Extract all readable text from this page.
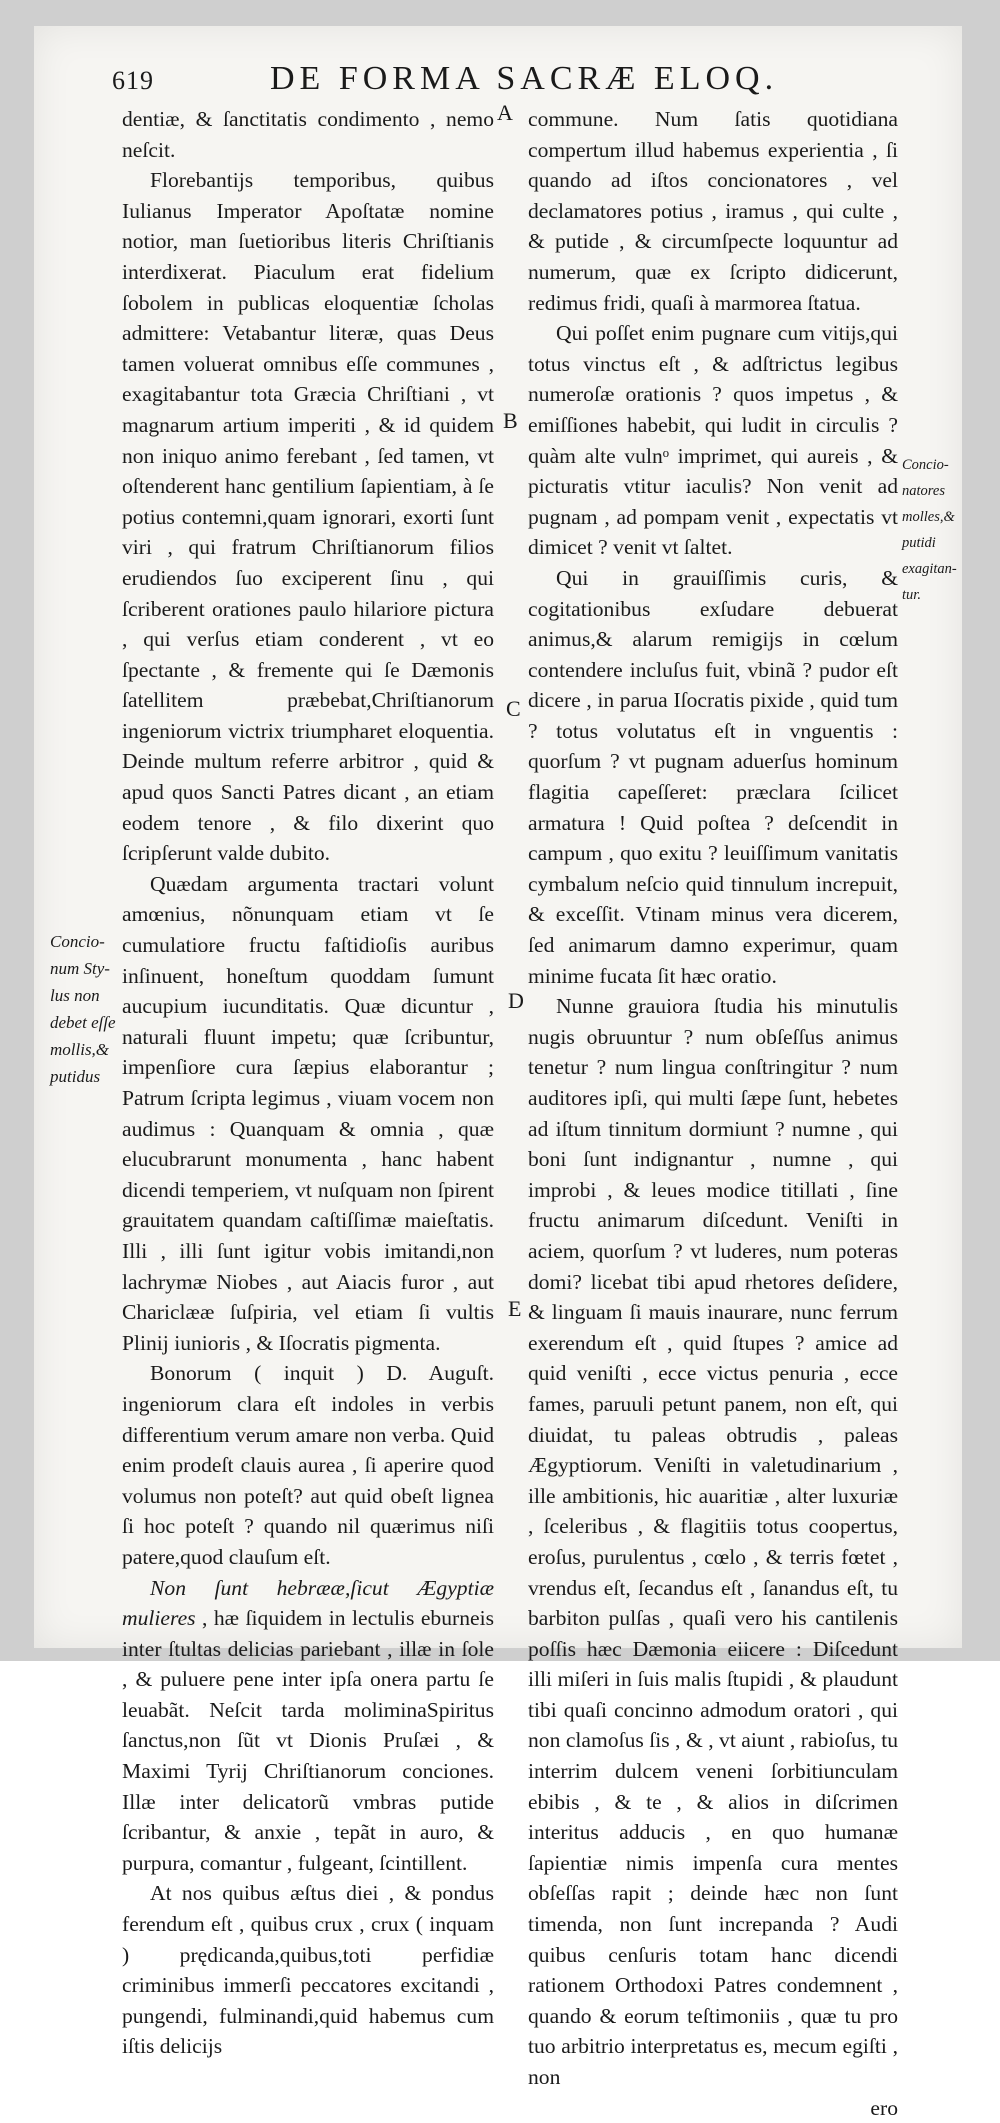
619	DE FORMA SACRÆ ELOQ.

dentiæ, & ſanctitatis condimento , nemo neſcit.

Florebantijs temporibus, quibus Iulianus Imperator Apoſtatæ nomine notior, man ſuetioribus literis Chriſtianis interdixerat. Piaculum erat fidelium ſobolem in publicas eloquentiæ ſcholas admittere: Vetabantur literæ, quas Deus tamen voluerat omnibus eſſe communes , exagitabantur tota Græcia Chriſtiani , vt magnarum artium imperiti , & id quidem non iniquo animo ferebant , ſed tamen, vt oſtenderent hanc gentilium ſapientiam, à ſe potius contemni,quam ignorari, exorti ſunt viri , qui fratrum Chriſtianorum filios erudiendos ſuo exciperent ſinu , qui ſcriberent orationes paulo hilariore pictura , qui verſus etiam conderent , vt eo ſpectante , & fremente qui ſe Dæmonis ſatellitem præbebat,Chriſtianorum ingeniorum victrix triumpharet eloquentia. Deinde multum referre arbitror , quid & apud quos Sancti Patres dicant , an etiam eodem tenore , & filo dixerint quo ſcripſerunt valde dubito.

Quædam argumenta tractari volunt amœnius, nõnunquam etiam vt ſe cumulatiore fructu faſtidioſis auribus inſinuent, honeſtum quoddam ſumunt aucupium iucunditatis. Quæ dicuntur , naturali fluunt impetu; quæ ſcribuntur, impenſiore cura ſæpius elaborantur ; Patrum ſcripta legimus , viuam vocem non audimus : Quanquam & omnia , quæ elucubrarunt monumenta , hanc habent dicendi temperiem, vt nuſquam non ſpirent grauitatem quandam caſtiſſimæ maieſtatis. Illi , illi ſunt igitur vobis imitandi,non lachrymæ Niobes , aut Aiacis furor , aut Chariclææ ſuſpiria, vel etiam ſi vultis Plinij iunioris , & Iſocratis pigmenta.

Bonorum ( inquit ) D. Auguſt. ingeniorum clara eſt indoles in verbis differentium verum amare non verba. Quid enim prodeſt clauis aurea , ſi aperire quod volumus non poteſt? aut quid obeſt lignea ſi hoc poteſt ? quando nil quærimus niſi patere,quod clauſum eſt.

Non ſunt hebrææ,ſicut Ægyptiæ mulieres , hæ ſiquidem in lectulis eburneis inter ſtultas delicias pariebant , illæ in ſole , & puluere pene inter ipſa onera partu ſe leuabãt. Neſcit tarda moliminaSpiritus ſanctus,non ſũt vt Dionis Pruſæi , & Maximi Tyrij Chriſtianorum conciones. Illæ inter delicatorũ vmbras putide ſcribantur, & anxie , tepãt in auro, & purpura, comantur , fulgeant, ſcintillent.

At nos quibus æſtus diei , & pondus ferendum eſt , quibus crux , crux ( inquam ) prędicanda,quibus,toti perfidiæ criminibus immerſi peccatores excitandi , pungendi, fulminandi,quid habemus cum iſtis delicijs

commune. Num ſatis quotidiana compertum illud habemus experientia , ſi quando ad iſtos concionatores , vel declamatores potius , iramus , qui culte , & putide , & circumſpecte loquuntur ad numerum, quæ ex ſcripto didicerunt, redimus fridi, quaſi à marmorea ſtatua.

Qui poſſet enim pugnare cum vitijs,qui totus vinctus eſt , & adſtrictus legibus numeroſæ orationis ? quos impetus , & emiſſiones habebit, qui ludit in circulis ? quàm alte vulnᵒ imprimet, qui aureis , & picturatis vtitur iaculis? Non venit ad pugnam , ad pompam venit , expectatis vt dimicet ? venit vt ſaltet.

Qui in grauiſſimis curis, & cogitationibus exſudare debuerat animus,& alarum remigijs in cœlum contendere incluſus fuit, vbinã ? pudor eſt dicere , in parua Iſocratis pixide , quid tum ? totus volutatus eſt in vnguentis : quorſum ? vt pugnam aduerſus hominum flagitia capeſſeret: præclara ſcilicet armatura ! Quid poſtea ? deſcendit in campum , quo exitu ? leuiſſimum vanitatis cymbalum neſcio quid tinnulum increpuit, & exceſſit. Vtinam minus vera dicerem, ſed animarum damno experimur, quam minime fucata ſit hæc oratio.

Nunne grauiora ſtudia his minutulis nugis obruuntur ? num obſeſſus animus tenetur ? num lingua conſtringitur ? num auditores ipſi, qui multi ſæpe ſunt, hebetes ad iſtum tinnitum dormiunt ? numne , qui boni ſunt indignantur , numne , qui improbi , & leues modice titillati , ſine fructu animarum diſcedunt. Veniſti in aciem, quorſum ? vt luderes, num poteras domi? licebat tibi apud rhetores deſidere, & linguam ſi mauis inaurare, nunc ferrum exerendum eſt , quid ſtupes ? amice ad quid veniſti , ecce victus penuria , ecce fames, paruuli petunt panem, non eſt, qui diuidat, tu paleas obtrudis , paleas Ægyptiorum. Veniſti in valetudinarium , ille ambitionis, hic auaritiæ , alter luxuriæ , ſceleribus , & flagitiis totus coopertus, eroſus, purulentus , cœlo , & terris fœtet , vrendus eſt, ſecandus eſt , ſanandus eſt, tu barbiton pulſas , quaſi vero his cantilenis poſſis hæc Dæmonia eiicere : Diſcedunt illi miſeri in ſuis malis ſtupidi , & plaudunt tibi quaſi concinno admodum oratori , qui non clamoſus ſis , & , vt aiunt , rabioſus, tu interrim dulcem veneni ſorbitiunculam ebibis , & te , & alios in diſcrimen interitus adducis , en quo humanæ ſapientiæ nimis impenſa cura mentes obſeſſas rapit ; deinde hæc non ſunt timenda, non ſunt increpanda ? Audi quibus cenſuris totam hanc dicendi rationem Orthodoxi Patres condemnent , quando & eorum teſtimoniis , quæ tu pro tuo arbitrio interpretatus es, mecum egiſti , non

ero

A
B
C
D
E
Concio-
num Sty-
lus non
debet eſſe
mollis,&
putidus
Concio-
natores
molles,&
putidi
exagitan-
tur.
